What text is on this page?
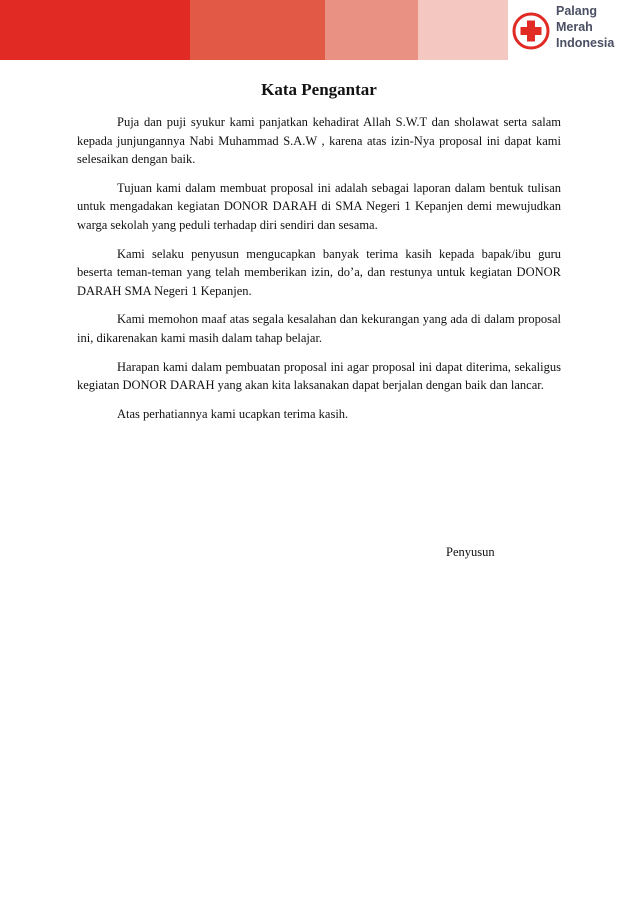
Palang
Merah
Indonesia
Kata Pengantar

Puja dan puji syukur kami panjatkan kehadirat Allah S.W.T dan sholawat serta salam kepada junjungannya Nabi Muhammad S.A.W , karena atas izin-Nya proposal ini dapat kami selesaikan dengan baik.

Tujuan kami dalam membuat proposal ini adalah sebagai laporan dalam bentuk tulisan untuk mengadakan kegiatan DONOR DARAH di SMA Negeri 1 Kepanjen demi mewujudkan warga sekolah yang peduli terhadap diri sendiri dan sesama.

Kami selaku penyusun mengucapkan banyak terima kasih kepada bapak/ibu guru beserta teman-teman yang telah memberikan izin, do’a, dan restunya untuk kegiatan DONOR DARAH SMA Negeri 1 Kepanjen.

Kami memohon maaf atas segala kesalahan dan kekurangan yang ada di dalam proposal ini, dikarenakan kami masih dalam tahap belajar.

Harapan kami dalam pembuatan proposal ini agar proposal ini dapat diterima, sekaligus kegiatan DONOR DARAH yang akan kita laksanakan dapat berjalan dengan baik dan lancar.

Atas perhatiannya kami ucapkan terima kasih.

Penyusun
